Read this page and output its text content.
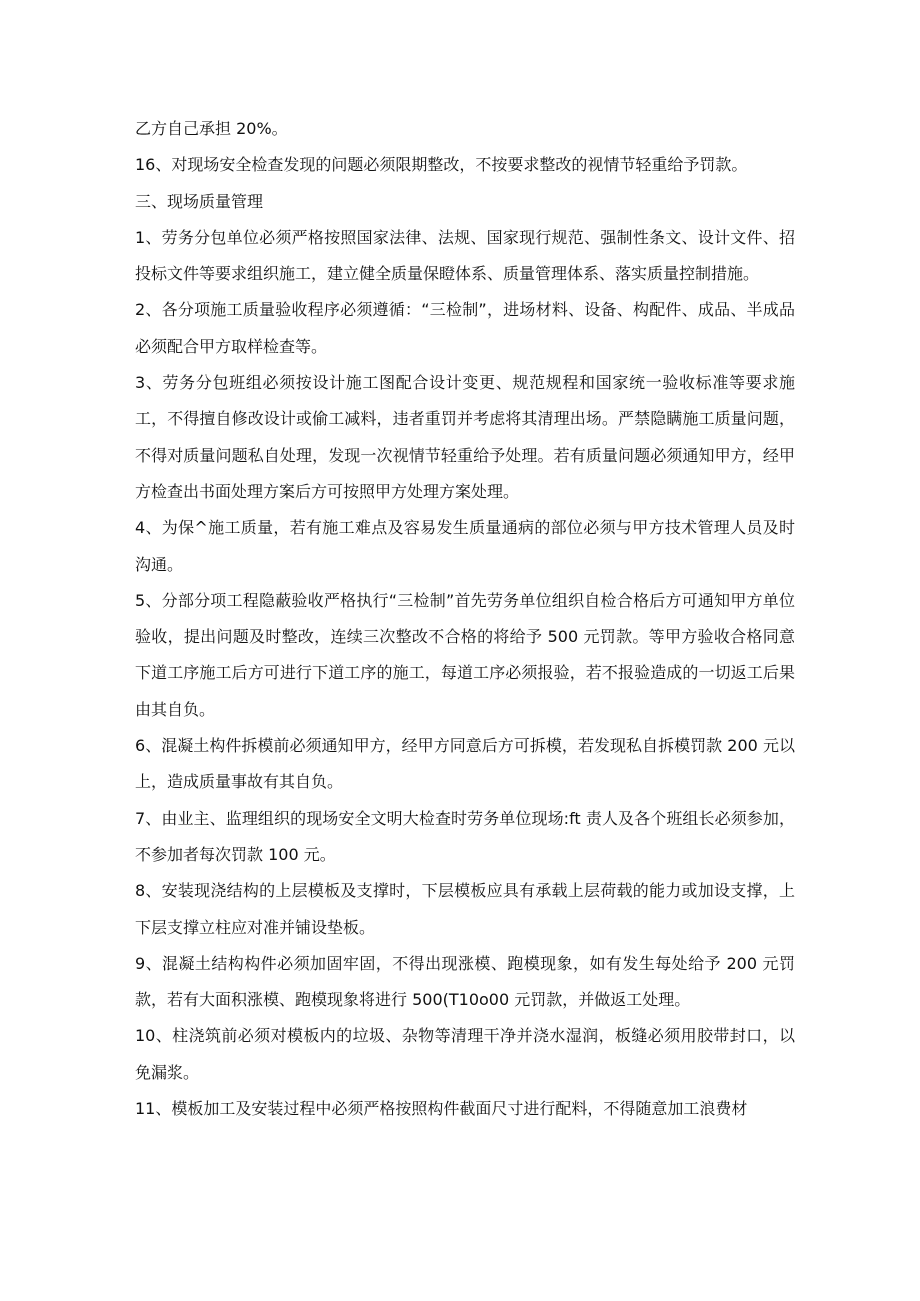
乙方自己承担 20%。

16、对现场安全检查发现的问题必须限期整改，不按要求整改的视情节轻重给予罚款。

三、现场质量管理

1、劳务分包单位必须严格按照国家法律、法规、国家现行规范、强制性条文、设计文件、招投标文件等要求组织施工，建立健全质量保瞪体系、质量管理体系、落实质量控制措施。

2、各分项施工质量验收程序必须遵循：“三检制”，进场材料、设备、构配件、成品、半成品必须配合甲方取样检查等。

3、劳务分包班组必须按设计施工图配合设计变更、规范规程和国家统一验收标准等要求施工，不得擅自修改设计或偷工减料，违者重罚并考虑将其清理出场。严禁隐瞒施工质量问题，不得对质量问题私自处理，发现一次视情节轻重给予处理。若有质量问题必须通知甲方，经甲方检查出书面处理方案后方可按照甲方处理方案处理。

4、为保^施工质量，若有施工难点及容易发生质量通病的部位必须与甲方技术管理人员及时沟通。

5、分部分项工程隐蔽验收严格执行“三检制”首先劳务单位组织自检合格后方可通知甲方单位验收，提出问题及时整改，连续三次整改不合格的将给予 500 元罚款。等甲方验收合格同意下道工序施工后方可进行下道工序的施工，每道工序必须报验，若不报验造成的一切返工后果由其自负。

6、混凝土构件拆模前必须通知甲方，经甲方同意后方可拆模，若发现私自拆模罚款 200 元以上，造成质量事故有其自负。

7、由业主、监理组织的现场安全文明大检查时劳务单位现场:ft 责人及各个班组长必须参加，不参加者每次罚款 100 元。

8、安装现浇结构的上层模板及支撑时，下层模板应具有承载上层荷载的能力或加设支撑，上下层支撑立柱应对准并铺设垫板。

9、混凝土结构构件必须加固牢固，不得出现涨模、跑模现象，如有发生每处给予 200 元罚款，若有大面积涨模、跑模现象将进行 500(T10o00 元罚款，并做返工处理。

10、柱浇筑前必须对模板内的垃圾、杂物等清理干净并浇水湿润，板缝必须用胶带封口，以免漏浆。

11、模板加工及安装过程中必须严格按照构件截面尺寸进行配料，不得随意加工浪费材
